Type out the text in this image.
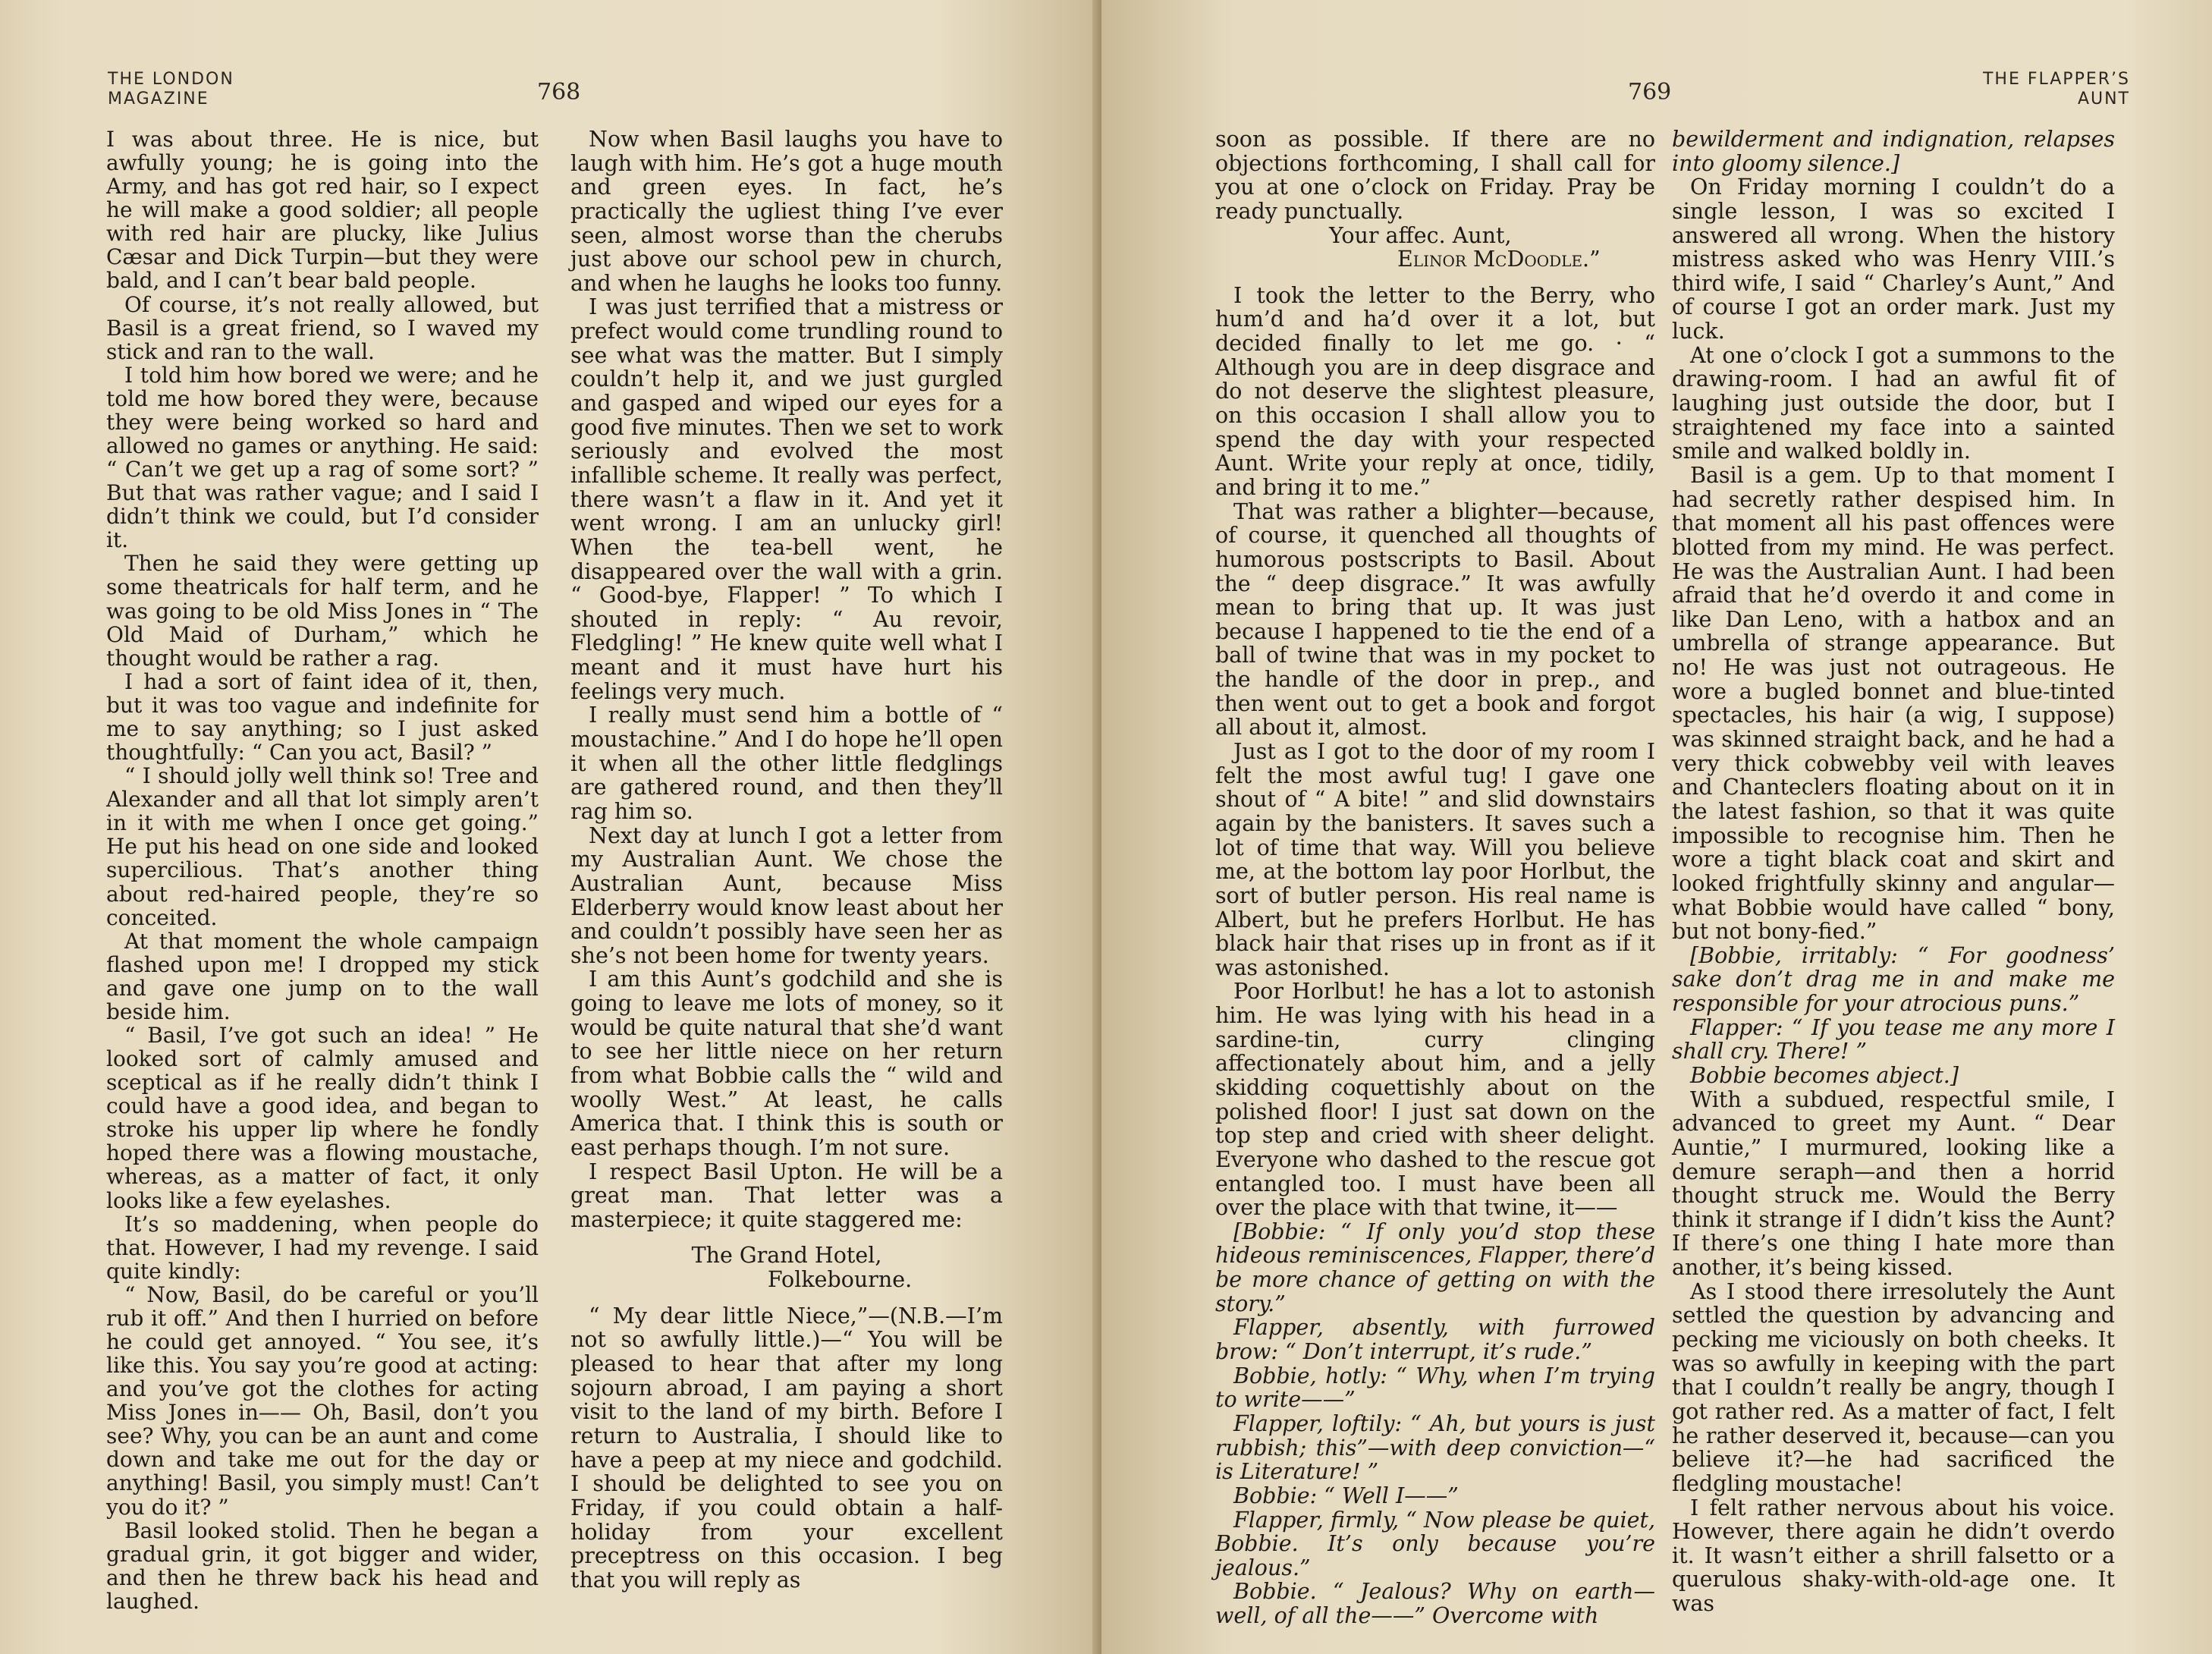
THE LONDON MAGAZINE	768

I was about three. He is nice, but awfully young; he is going into the Army, and has got red hair, so I expect he will make a good soldier; all people with red hair are plucky, like Julius Cæsar and Dick Turpin—but they were bald, and I can’t bear bald people.

Of course, it’s not really allowed, but Basil is a great friend, so I waved my stick and ran to the wall.

I told him how bored we were; and he told me how bored they were, because they were being worked so hard and allowed no games or anything. He said: “ Can’t we get up a rag of some sort? ” But that was rather vague; and I said I didn’t think we could, but I’d consider it.

Then he said they were getting up some theatricals for half term, and he was going to be old Miss Jones in “ The Old Maid of Durham,” which he thought would be rather a rag.

I had a sort of faint idea of it, then, but it was too vague and indefinite for me to say anything; so I just asked thoughtfully: “ Can you act, Basil? ”

“ I should jolly well think so! Tree and Alexander and all that lot simply aren’t in it with me when I once get going.” He put his head on one side and looked supercilious. That’s another thing about red-haired people, they’re so conceited.

At that moment the whole campaign flashed upon me! I dropped my stick and gave one jump on to the wall beside him.

“ Basil, I’ve got such an idea! ” He looked sort of calmly amused and sceptical as if he really didn’t think I could have a good idea, and began to stroke his upper lip where he fondly hoped there was a flowing moustache, whereas, as a matter of fact, it only looks like a few eyelashes.

It’s so maddening, when people do that. However, I had my revenge. I said quite kindly:

“ Now, Basil, do be careful or you’ll rub it off.” And then I hurried on before he could get annoyed. “ You see, it’s like this. You say you’re good at acting: and you’ve got the clothes for acting Miss Jones in—— Oh, Basil, don’t you see? Why, you can be an aunt and come down and take me out for the day or anything! Basil, you simply must! Can’t you do it? ”

Basil looked stolid. Then he began a gradual grin, it got bigger and wider, and then he threw back his head and laughed.

Now when Basil laughs you have to laugh with him. He’s got a huge mouth and green eyes. In fact, he’s practically the ugliest thing I’ve ever seen, almost worse than the cherubs just above our school pew in church, and when he laughs he looks too funny.

I was just terrified that a mistress or prefect would come trundling round to see what was the matter. But I simply couldn’t help it, and we just gurgled and gasped and wiped our eyes for a good five minutes. Then we set to work seriously and evolved the most infallible scheme. It really was perfect, there wasn’t a flaw in it. And yet it went wrong. I am an unlucky girl! When the tea-bell went, he disappeared over the wall with a grin. “ Good-bye, Flapper! ” To which I shouted in reply: “ Au revoir, Fledgling! ” He knew quite well what I meant and it must have hurt his feelings very much.

I really must send him a bottle of “ moustachine.” And I do hope he’ll open it when all the other little fledglings are gathered round, and then they’ll rag him so.

Next day at lunch I got a letter from my Australian Aunt. We chose the Australian Aunt, because Miss Elderberry would know least about her and couldn’t possibly have seen her as she’s not been home for twenty years.

I am this Aunt’s godchild and she is going to leave me lots of money, so it would be quite natural that she’d want to see her little niece on her return from what Bobbie calls the “ wild and woolly West.” At least, he calls America that. I think this is south or east perhaps though. I’m not sure.

I respect Basil Upton. He will be a great man. That letter was a masterpiece; it quite staggered me:

The Grand Hotel,

Folkebourne.

“ My dear little Niece,”—(N.B.—I’m not so awfully little.)—“ You will be pleased to hear that after my long sojourn abroad, I am paying a short visit to the land of my birth. Before I return to Australia, I should like to have a peep at my niece and godchild. I should be delighted to see you on Friday, if you could obtain a half-holiday from your excellent preceptress on this occasion. I beg that you will reply as

769	THE FLAPPER’S AUNT

soon as possible. If there are no objections forthcoming, I shall call for you at one o’clock on Friday. Pray be ready punctually.

Your affec. Aunt,

Elinor McDoodle.”

I took the letter to the Berry, who hum’d and ha’d over it a lot, but decided finally to let me go. · “ Although you are in deep disgrace and do not deserve the slightest pleasure, on this occasion I shall allow you to spend the day with your respected Aunt. Write your reply at once, tidily, and bring it to me.”

That was rather a blighter—because, of course, it quenched all thoughts of humorous postscripts to Basil. About the “ deep disgrace.” It was awfully mean to bring that up. It was just because I happened to tie the end of a ball of twine that was in my pocket to the handle of the door in prep., and then went out to get a book and forgot all about it, almost.

Just as I got to the door of my room I felt the most awful tug! I gave one shout of “ A bite! ” and slid downstairs again by the banisters. It saves such a lot of time that way. Will you believe me, at the bottom lay poor Horlbut, the sort of butler person. His real name is Albert, but he prefers Horlbut. He has black hair that rises up in front as if it was astonished.

Poor Horlbut! he has a lot to astonish him. He was lying with his head in a sardine-tin, curry clinging affectionately about him, and a jelly skidding coquettishly about on the polished floor! I just sat down on the top step and cried with sheer delight. Everyone who dashed to the rescue got entangled too. I must have been all over the place with that twine, it——

[Bobbie: “ If only you’d stop these hideous reminiscences, Flapper, there’d be more chance of getting on with the story.”

Flapper, absently, with furrowed brow: “ Don’t interrupt, it’s rude.”

Bobbie, hotly: “ Why, when I’m trying to write——”

Flapper, loftily: “ Ah, but yours is just rubbish; this”—with deep conviction—“ is Literature! ”

Bobbie: “ Well I——”

Flapper, firmly, “ Now please be quiet, Bobbie. It’s only because you’re jealous.”

Bobbie. “ Jealous? Why on earth—well, of all the——” Overcome with

bewilderment and indignation, relapses into gloomy silence.]

On Friday morning I couldn’t do a single lesson, I was so excited I answered all wrong. When the history mistress asked who was Henry VIII.’s third wife, I said “ Charley’s Aunt,” And of course I got an order mark. Just my luck.

At one o’clock I got a summons to the drawing-room. I had an awful fit of laughing just outside the door, but I straightened my face into a sainted smile and walked boldly in.

Basil is a gem. Up to that moment I had secretly rather despised him. In that moment all his past offences were blotted from my mind. He was perfect. He was the Australian Aunt. I had been afraid that he’d overdo it and come in like Dan Leno, with a hatbox and an umbrella of strange appearance. But no! He was just not outrageous. He wore a bugled bonnet and blue-tinted spectacles, his hair (a wig, I suppose) was skinned straight back, and he had a very thick cobwebby veil with leaves and Chanteclers floating about on it in the latest fashion, so that it was quite impossible to recognise him. Then he wore a tight black coat and skirt and looked frightfully skinny and angular—what Bobbie would have called “ bony, but not bony-fied.”

[Bobbie, irritably: “ For goodness’ sake don’t drag me in and make me responsible for your atrocious puns.”

Flapper: “ If you tease me any more I shall cry. There! ”

Bobbie becomes abject.]

With a subdued, respectful smile, I advanced to greet my Aunt. “ Dear Auntie,” I murmured, looking like a demure seraph—and then a horrid thought struck me. Would the Berry think it strange if I didn’t kiss the Aunt? If there’s one thing I hate more than another, it’s being kissed.

As I stood there irresolutely the Aunt settled the question by advancing and pecking me viciously on both cheeks. It was so awfully in keeping with the part that I couldn’t really be angry, though I got rather red. As a matter of fact, I felt he rather deserved it, because—can you believe it?—he had sacrificed the fledgling moustache!

I felt rather nervous about his voice. However, there again he didn’t overdo it. It wasn’t either a shrill falsetto or a querulous shaky-with-old-age one. It was
